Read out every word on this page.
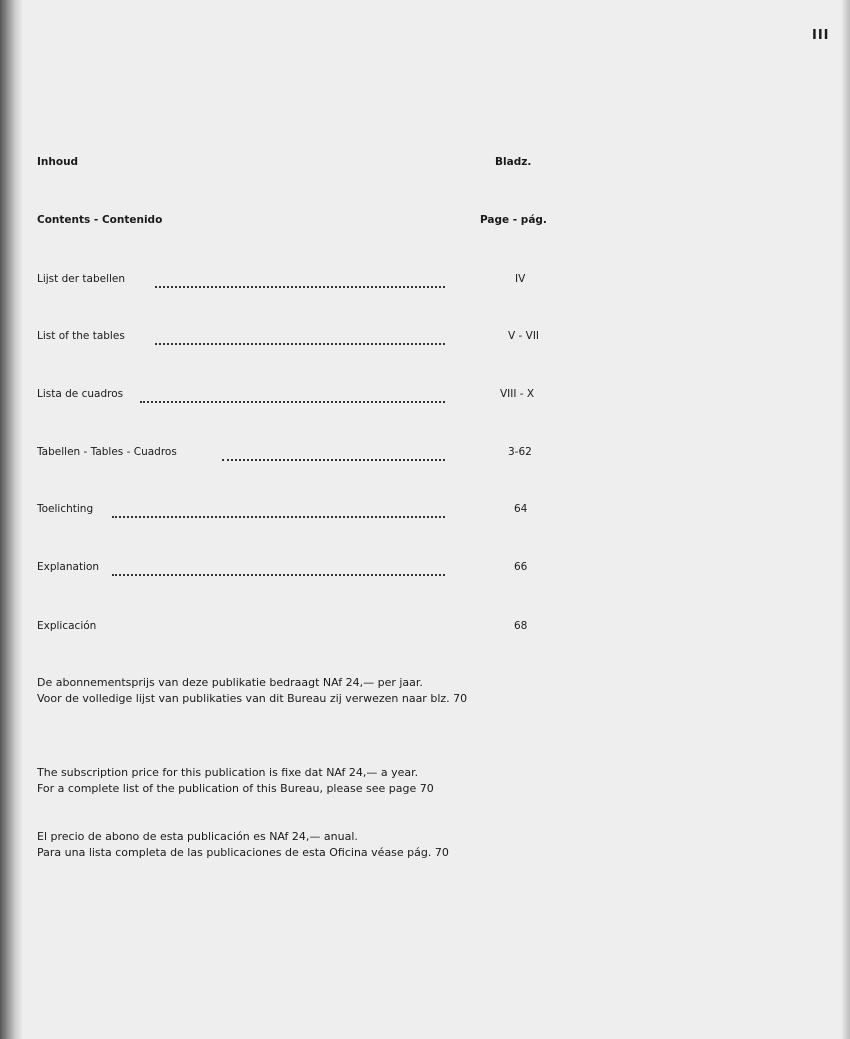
III
Inhoud	Bladz.
Contents - Contenido	Page - pág.
Lijst der tabellen	IV
List of the tables	V - VII
Lista de cuadros	VIII - X
Tabellen - Tables - Cuadros	3-62
Toelichting	64
Explanation	66
Explicación	68
De abonnementsprijs van deze publikatie bedraagt NAf 24,— per jaar.
Voor de volledige lijst van publikaties van dit Bureau zij verwezen naar blz. 70
The subscription price for this publication is fixe dat NAf 24,— a year.
For a complete list of the publication of this Bureau, please see page 70
El precio de abono de esta publicación es NAf 24,— anual.
Para una lista completa de las publicaciones de esta Oficina véase pág. 70
